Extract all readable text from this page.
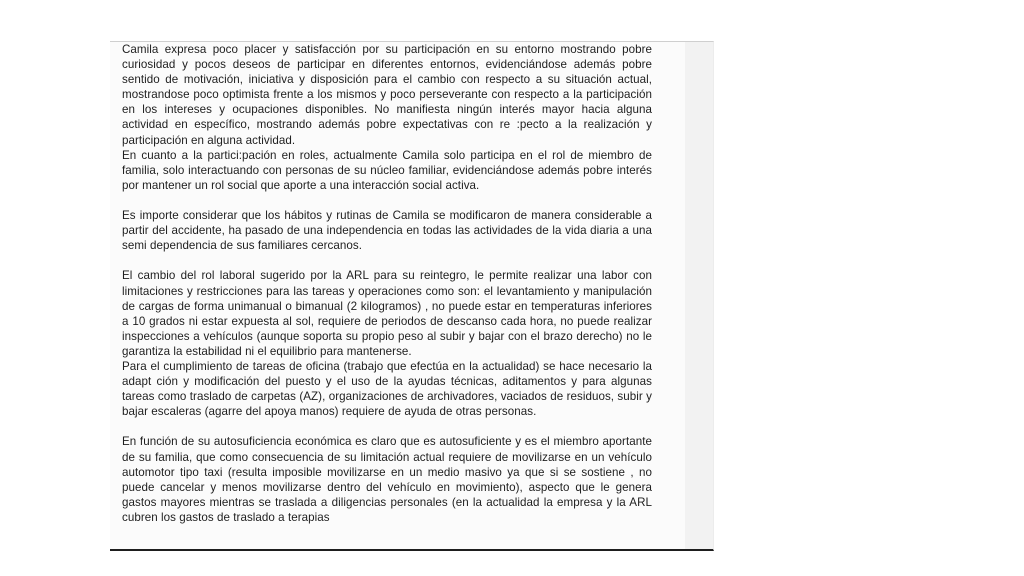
Camila expresa poco placer y satisfacción por su participación en su entorno mostrando pobre curiosidad y pocos deseos de participar en diferentes entornos, evidenciándose además pobre sentido de motivación, iniciativa y disposición para el cambio con respecto a su situación actual, mostrandose poco optimista frente a los mismos y poco perseverante con respecto a la participación en los intereses y ocupaciones disponibles. No manifiesta ningún interés mayor hacia alguna actividad en específico, mostrando además pobre expectativas con re :pecto a la realización y participación en alguna actividad.

En cuanto a la partici:pación en roles, actualmente Camila solo participa en el rol de miembro de familia, solo interactuando con personas de su núcleo familiar, evidenciándose además pobre interés por mantener un rol social que aporte a una interacción social activa.

Es importe considerar que los hábitos y rutinas de Camila se modificaron de manera considerable a partir del accidente, ha pasado de una independencia en todas las actividades de la vida diaria a una semi dependencia de sus familiares cercanos.

El cambio del rol laboral sugerido por la ARL para su reintegro, le permite realizar una labor con limitaciones y restricciones para las tareas y operaciones como son: el levantamiento y manipulación de cargas de forma unimanual o bimanual (2 kilogramos) , no puede estar en temperaturas inferiores a 10 grados ni estar expuesta al sol, requiere de periodos de descanso cada hora, no puede realizar inspecciones a vehículos (aunque soporta su propio peso al subir y bajar con el brazo derecho) no le garantiza la estabilidad ni el equilibrio para mantenerse.

Para el cumplimiento de tareas de oficina (trabajo que efectúa en la actualidad) se hace necesario la adapt ción y modificación del puesto y el uso de la ayudas técnicas, aditamentos y para algunas tareas como traslado de carpetas (AZ), organizaciones de archivadores, vaciados de residuos, subir y bajar escaleras (agarre del apoya manos) requiere de ayuda de otras personas.

En función de su autosuficiencia económica es claro que es autosuficiente y es el miembro aportante de su familia, que como consecuencia de su limitación actual requiere de movilizarse en un vehículo automotor tipo taxi (resulta imposible movilizarse en un medio masivo ya que si se sostiene , no puede cancelar y menos movilizarse dentro del vehículo en movimiento), aspecto que le genera gastos mayores mientras se traslada a diligencias personales (en la actualidad la empresa y la ARL cubren los gastos de traslado a terapias
